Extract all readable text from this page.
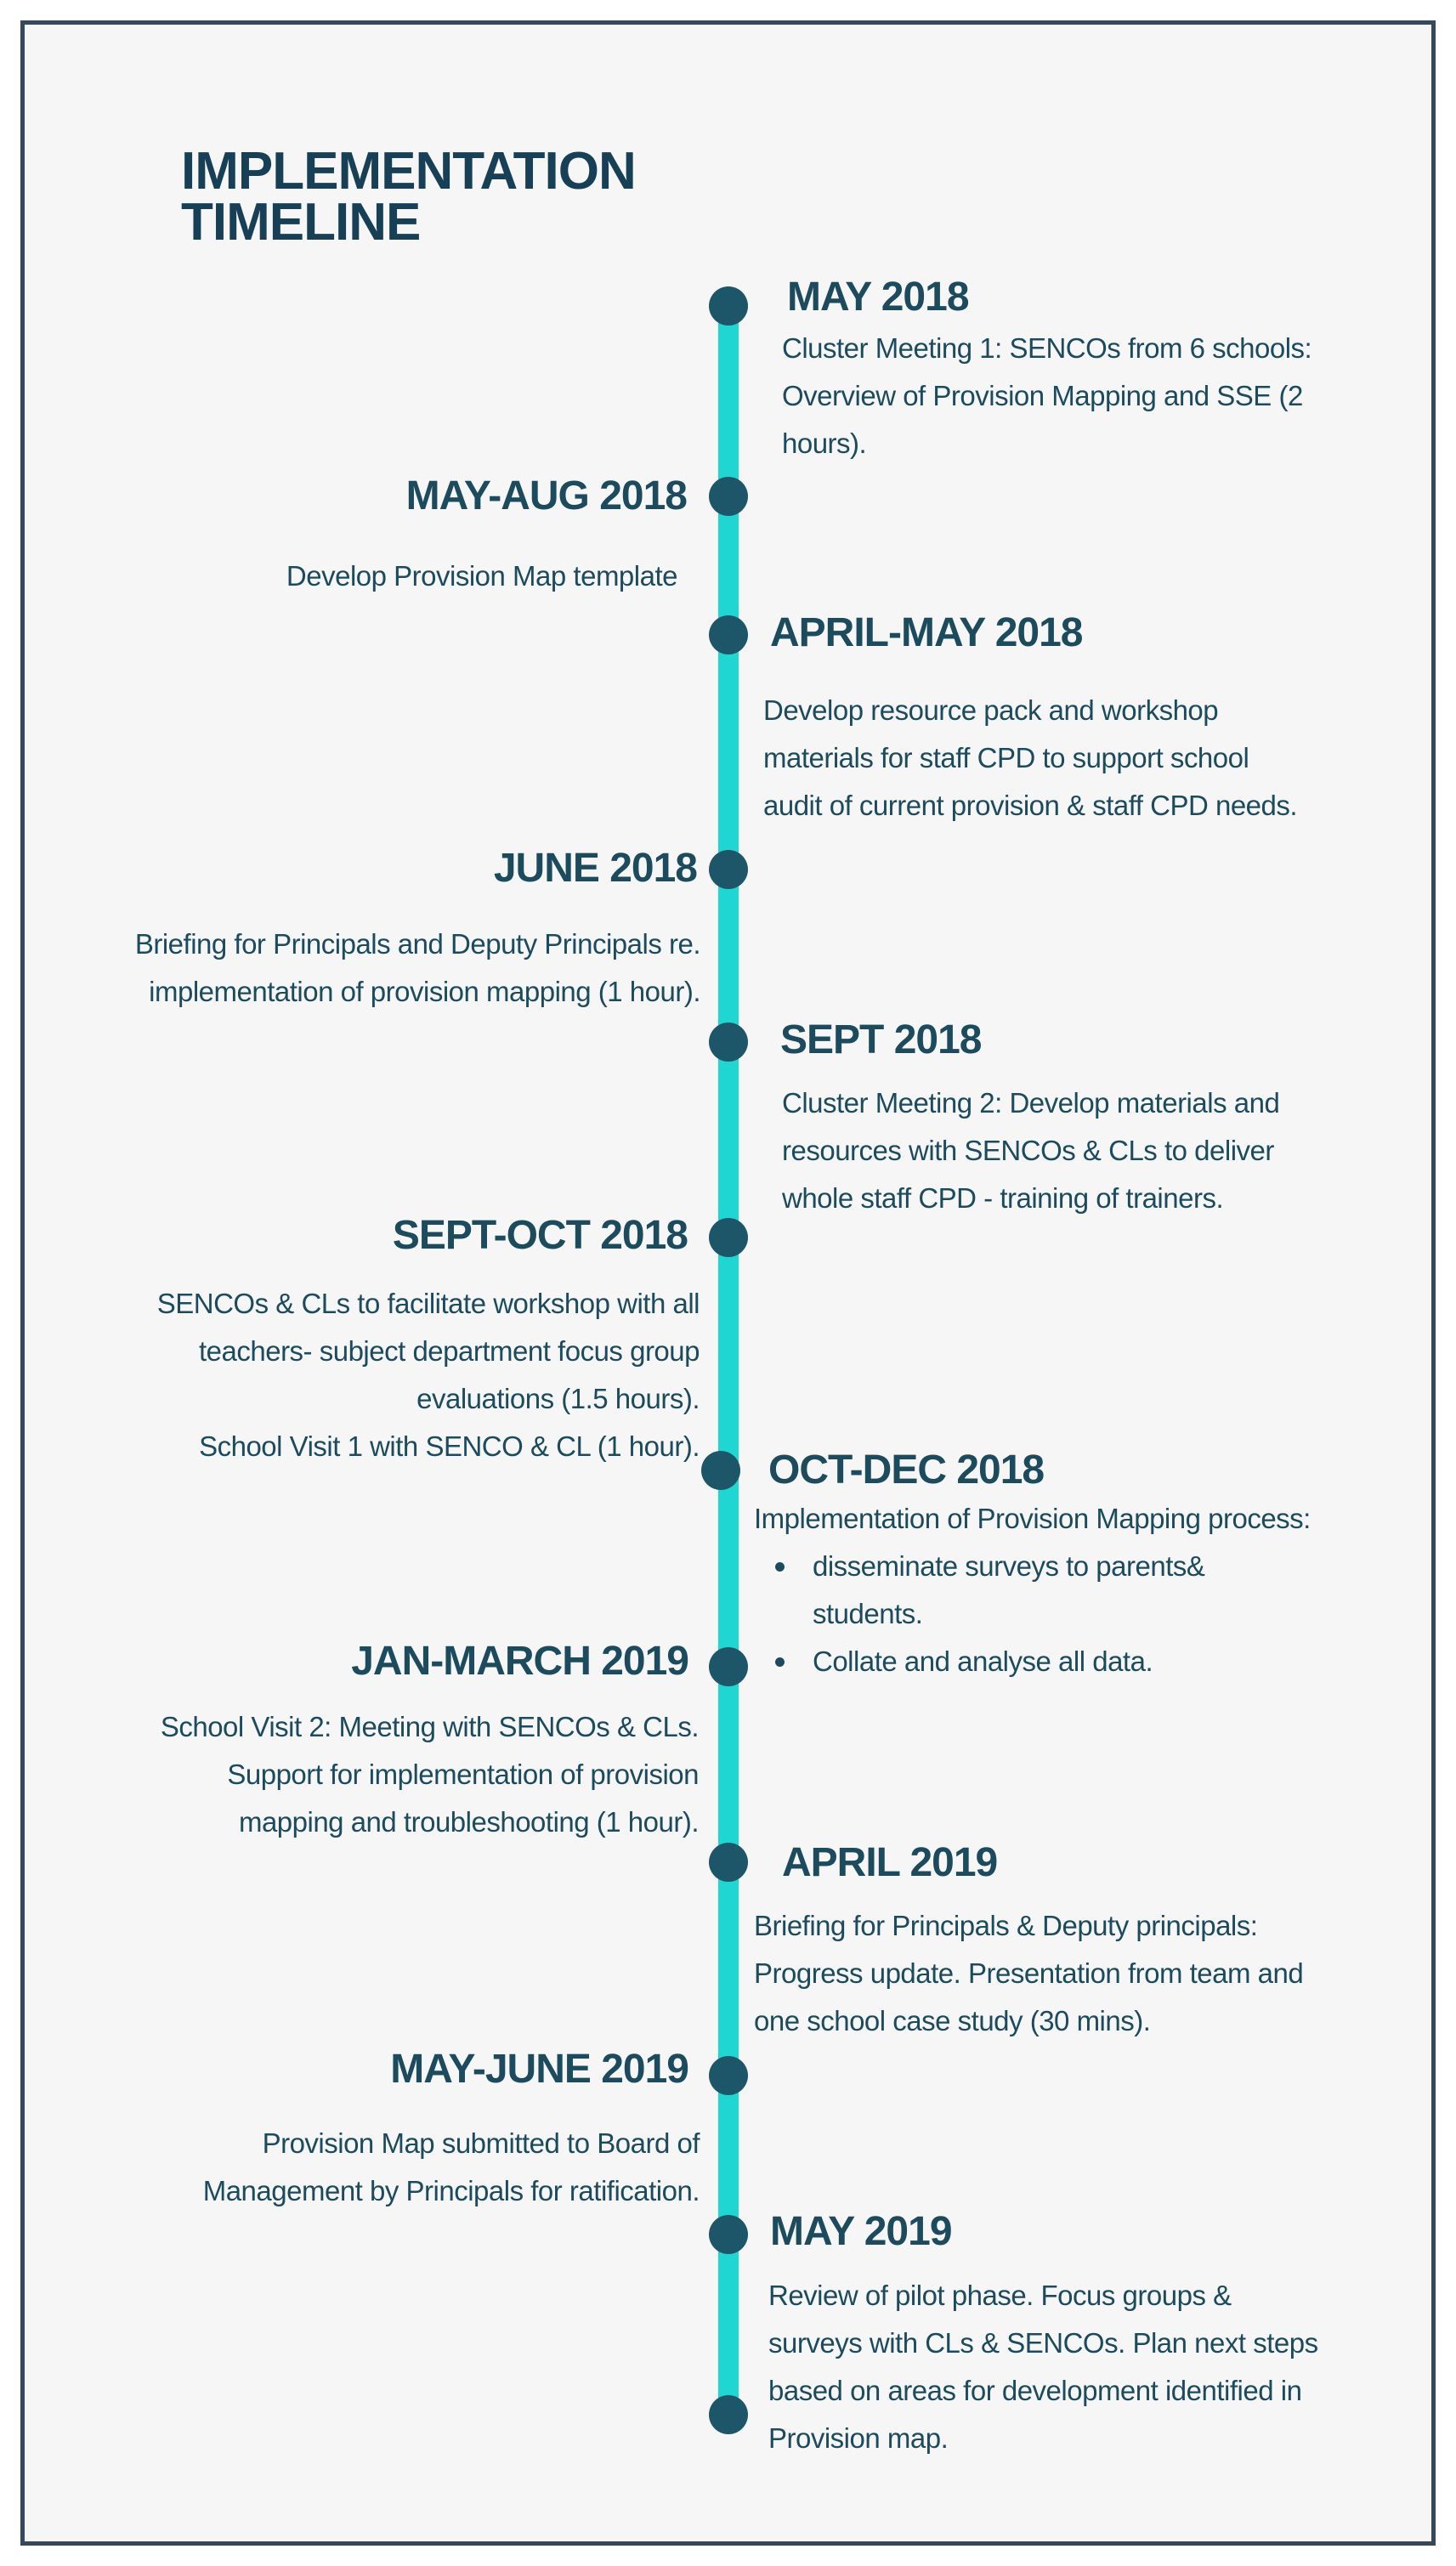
IMPLEMENTATION
TIMELINE
MAY 2018
Cluster Meeting 1: SENCOs from 6 schools:
Overview of Provision Mapping and SSE (2
hours).
MAY-AUG 2018
Develop Provision Map template
APRIL-MAY 2018
Develop resource pack and workshop
materials for staff CPD to support school
audit of current provision & staff CPD needs.
JUNE 2018
Briefing for Principals and Deputy Principals re.
implementation of provision mapping (1 hour).
SEPT 2018
Cluster Meeting 2: Develop materials and
resources with SENCOs & CLs to deliver
whole staff CPD - training of trainers.
SEPT-OCT 2018
SENCOs & CLs to facilitate workshop with all
teachers- subject department focus group
evaluations (1.5 hours).
School Visit 1 with SENCO & CL (1 hour).
OCT-DEC 2018
Implementation of Provision Mapping process:
disseminate surveys to parents&
students.
Collate and analyse all data.
JAN-MARCH 2019
School Visit 2: Meeting with SENCOs & CLs.
Support for implementation of provision
mapping and troubleshooting (1 hour).
APRIL 2019
Briefing for Principals & Deputy principals:
Progress update. Presentation from team and
one school case study (30 mins).
MAY-JUNE 2019
Provision Map submitted to Board of
Management by Principals for ratification.
MAY 2019
Review of pilot phase. Focus groups &
surveys with CLs & SENCOs. Plan next steps
based on areas for development identified in
Provision map.
